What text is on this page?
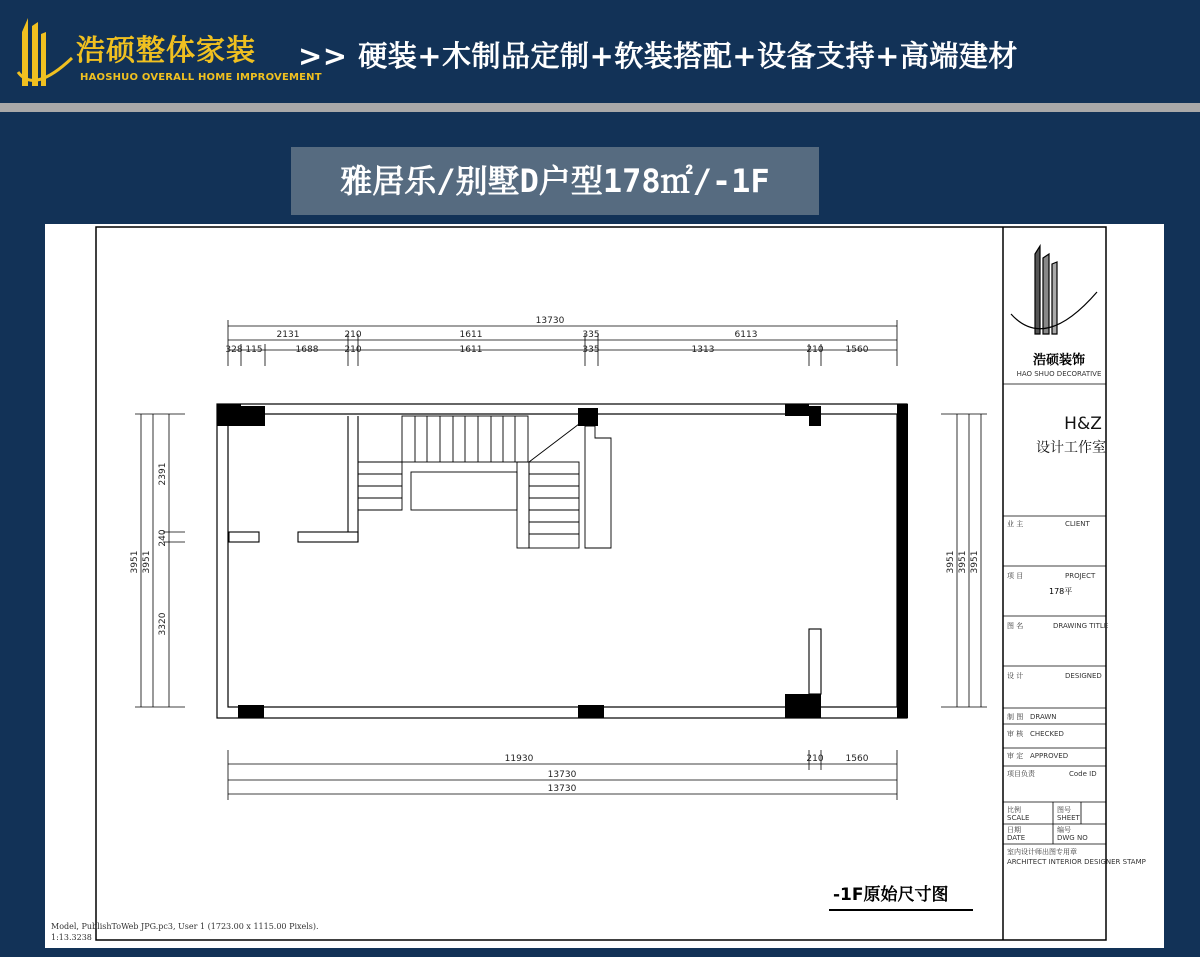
浩硕整体家装
HAOSHUO OVERALL HOME IMPROVEMENT
>> 硬装+木制品定制+软装搭配+设备支持+高端建材
雅居乐/别墅D户型178㎡/-1F
13730
2131	210	1611	335	6113
328 115	1688	210	1611	335	1313	210 1560
3951 3951
2391
240
3320
3951 3951 3951
11930	210 1560
13730
13730
浩硕装饰
HAO SHUO DECORATIVE
业 主	CLIENT
项 目	PROJECT
178平
图 名	DRAWING TITLE
设 计	DESIGNED
制 图 DRAWN
审 核 CHECKED
审 定 APPROVED
项目负责	Code ID
比例
SCALE
图号
SHEET
日期
DATE
编号
DWG NO
室内设计师出图专用章
ARCHITECT INTERIOR DESIGNER STAMP
H&Z
设计工作室
-1F原始尺寸图
Model, PublishToWeb JPG.pc3, User 1 (1723.00 x 1115.00 Pixels).
1:13.3238
